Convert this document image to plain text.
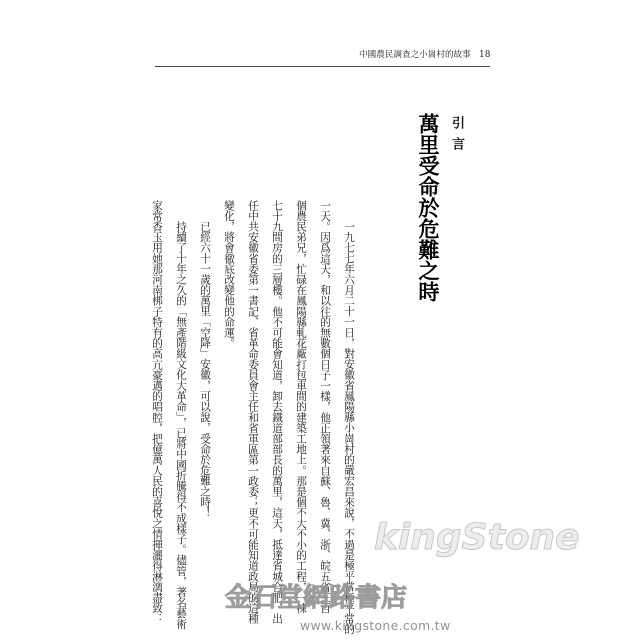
中國農民調查之小崗村的故事 18
引言
萬里受命於危難之時
一九七七年六月二十一日，對安徽省鳳陽縣小崗村的嚴宏昌來說，不過是極平常極平常的
一天。因爲這天，和以往的無數個日子一樣，他正領著來自蘇、魯、冀、浙、皖五省三百
個農民弟兄，忙碌在鳳陽縣軋花廠打包車間的建築工地上。那是個不大不小的工程，一棟
七十九間房的三層樓。他不可能會知道，卸去鐵道部部長的萬里，這天，抵達省城合肥，出
任中共安徽省委第一書記、省革命委員會主任和省軍區第一政委；更不可能知道政局的這種
變化，將會徹底改變他的命運。
已經六十一歲的萬里「空降」安徽，可以說，受命於危難之時！
持續了十年之久的「無產階級文化大革命」，已將中國折騰得不成樣子。儘管，著名藝術
家常香玉用她那河南梆子特有的高亢豪邁的唱腔，把億萬人民的喜悅之情揮灑得淋漓盡致：	kingStone
金石堂網路書店
www.kingstone.com.tw
